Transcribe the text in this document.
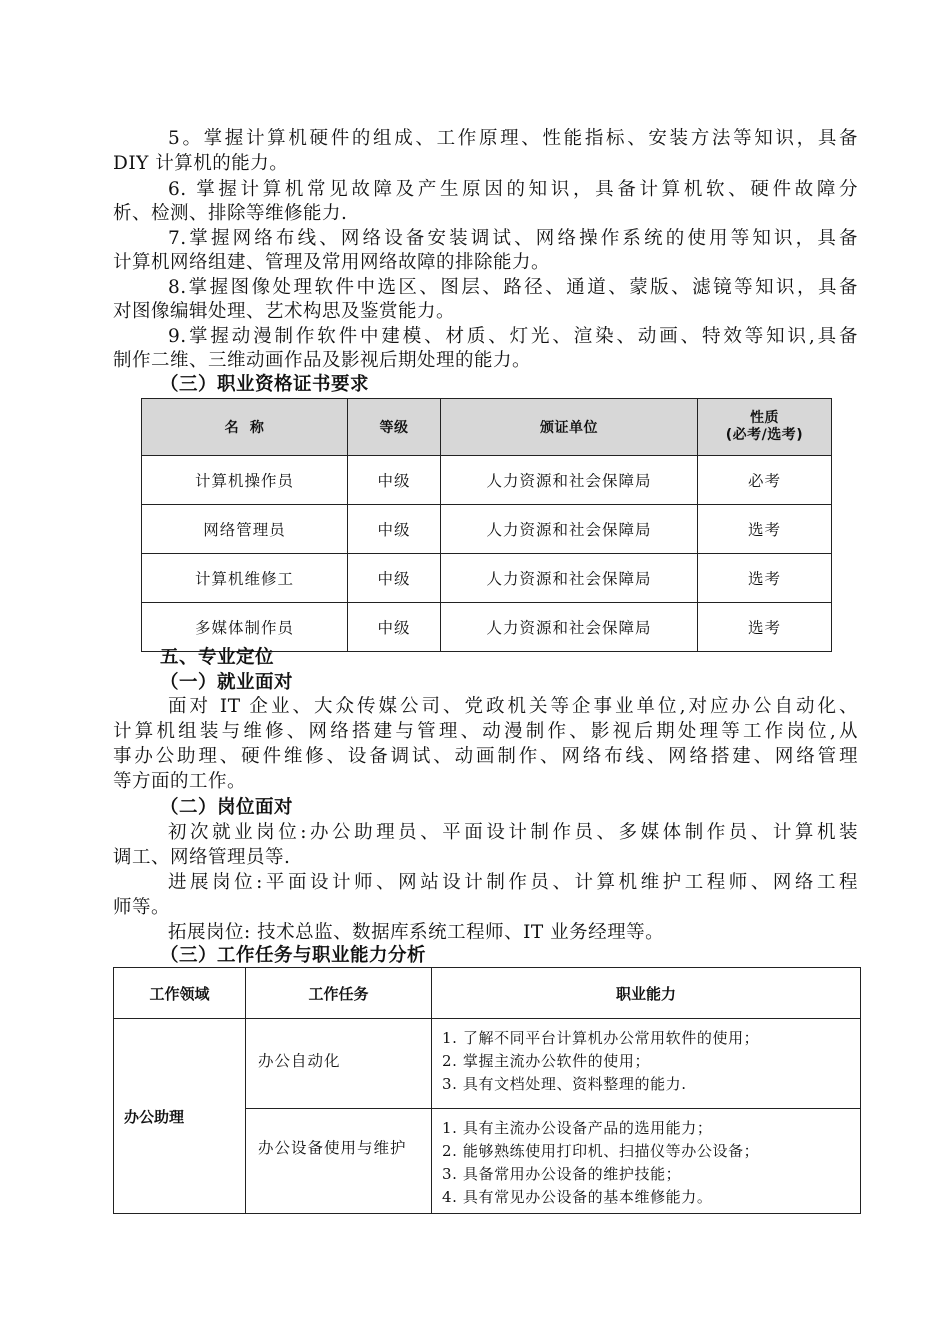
5。掌握计算机硬件的组成、工作原理、性能指标、安装方法等知识，具备
DIY 计算机的能力。
6. 掌握计算机常见故障及产生原因的知识，具备计算机软、硬件故障分
析、检测、排除等维修能力.
7.掌握网络布线、网络设备安装调试、网络操作系统的使用等知识，具备
计算机网络组建、管理及常用网络故障的排除能力。
8.掌握图像处理软件中选区、图层、路径、通道、蒙版、滤镜等知识，具备
对图像编辑处理、艺术构思及鉴赏能力。
9.掌握动漫制作软件中建模、材质、灯光、渲染、动画、特效等知识,具备
制作二维、三维动画作品及影视后期处理的能力。
（三）职业资格证书要求
名  称	等级	颁证单位	性质
(必考/选考)

计算机操作员	中级	人力资源和社会保障局	必考
网络管理员	中级	人力资源和社会保障局	选考
计算机维修工	中级	人力资源和社会保障局	选考
多媒体制作员	中级	人力资源和社会保障局	选考
五、专业定位
（一）就业面对
面对 IT 企业、大众传媒公司、党政机关等企事业单位,对应办公自动化、
计算机组装与维修、网络搭建与管理、动漫制作、影视后期处理等工作岗位,从
事办公助理、硬件维修、设备调试、动画制作、网络布线、网络搭建、网络管理
等方面的工作。
（二）岗位面对
初次就业岗位:办公助理员、平面设计制作员、多媒体制作员、计算机装
调工、网络管理员等.
进展岗位:平面设计师、网站设计制作员、计算机维护工程师、网络工程
师等。
拓展岗位: 技术总监、数据库系统工程师、IT 业务经理等。
（三）工作任务与职业能力分析
工作领域	工作任务	职业能力
办公助理	办公自动化	1. 了解不同平台计算机办公常用软件的使用；
2. 掌握主流办公软件的使用；
3. 具有文档处理、资料整理的能力.

	办公设备使用与维护	1. 具有主流办公设备产品的选用能力；
2. 能够熟练使用打印机、扫描仪等办公设备；
3. 具备常用办公设备的维护技能；
4. 具有常见办公设备的基本维修能力。
